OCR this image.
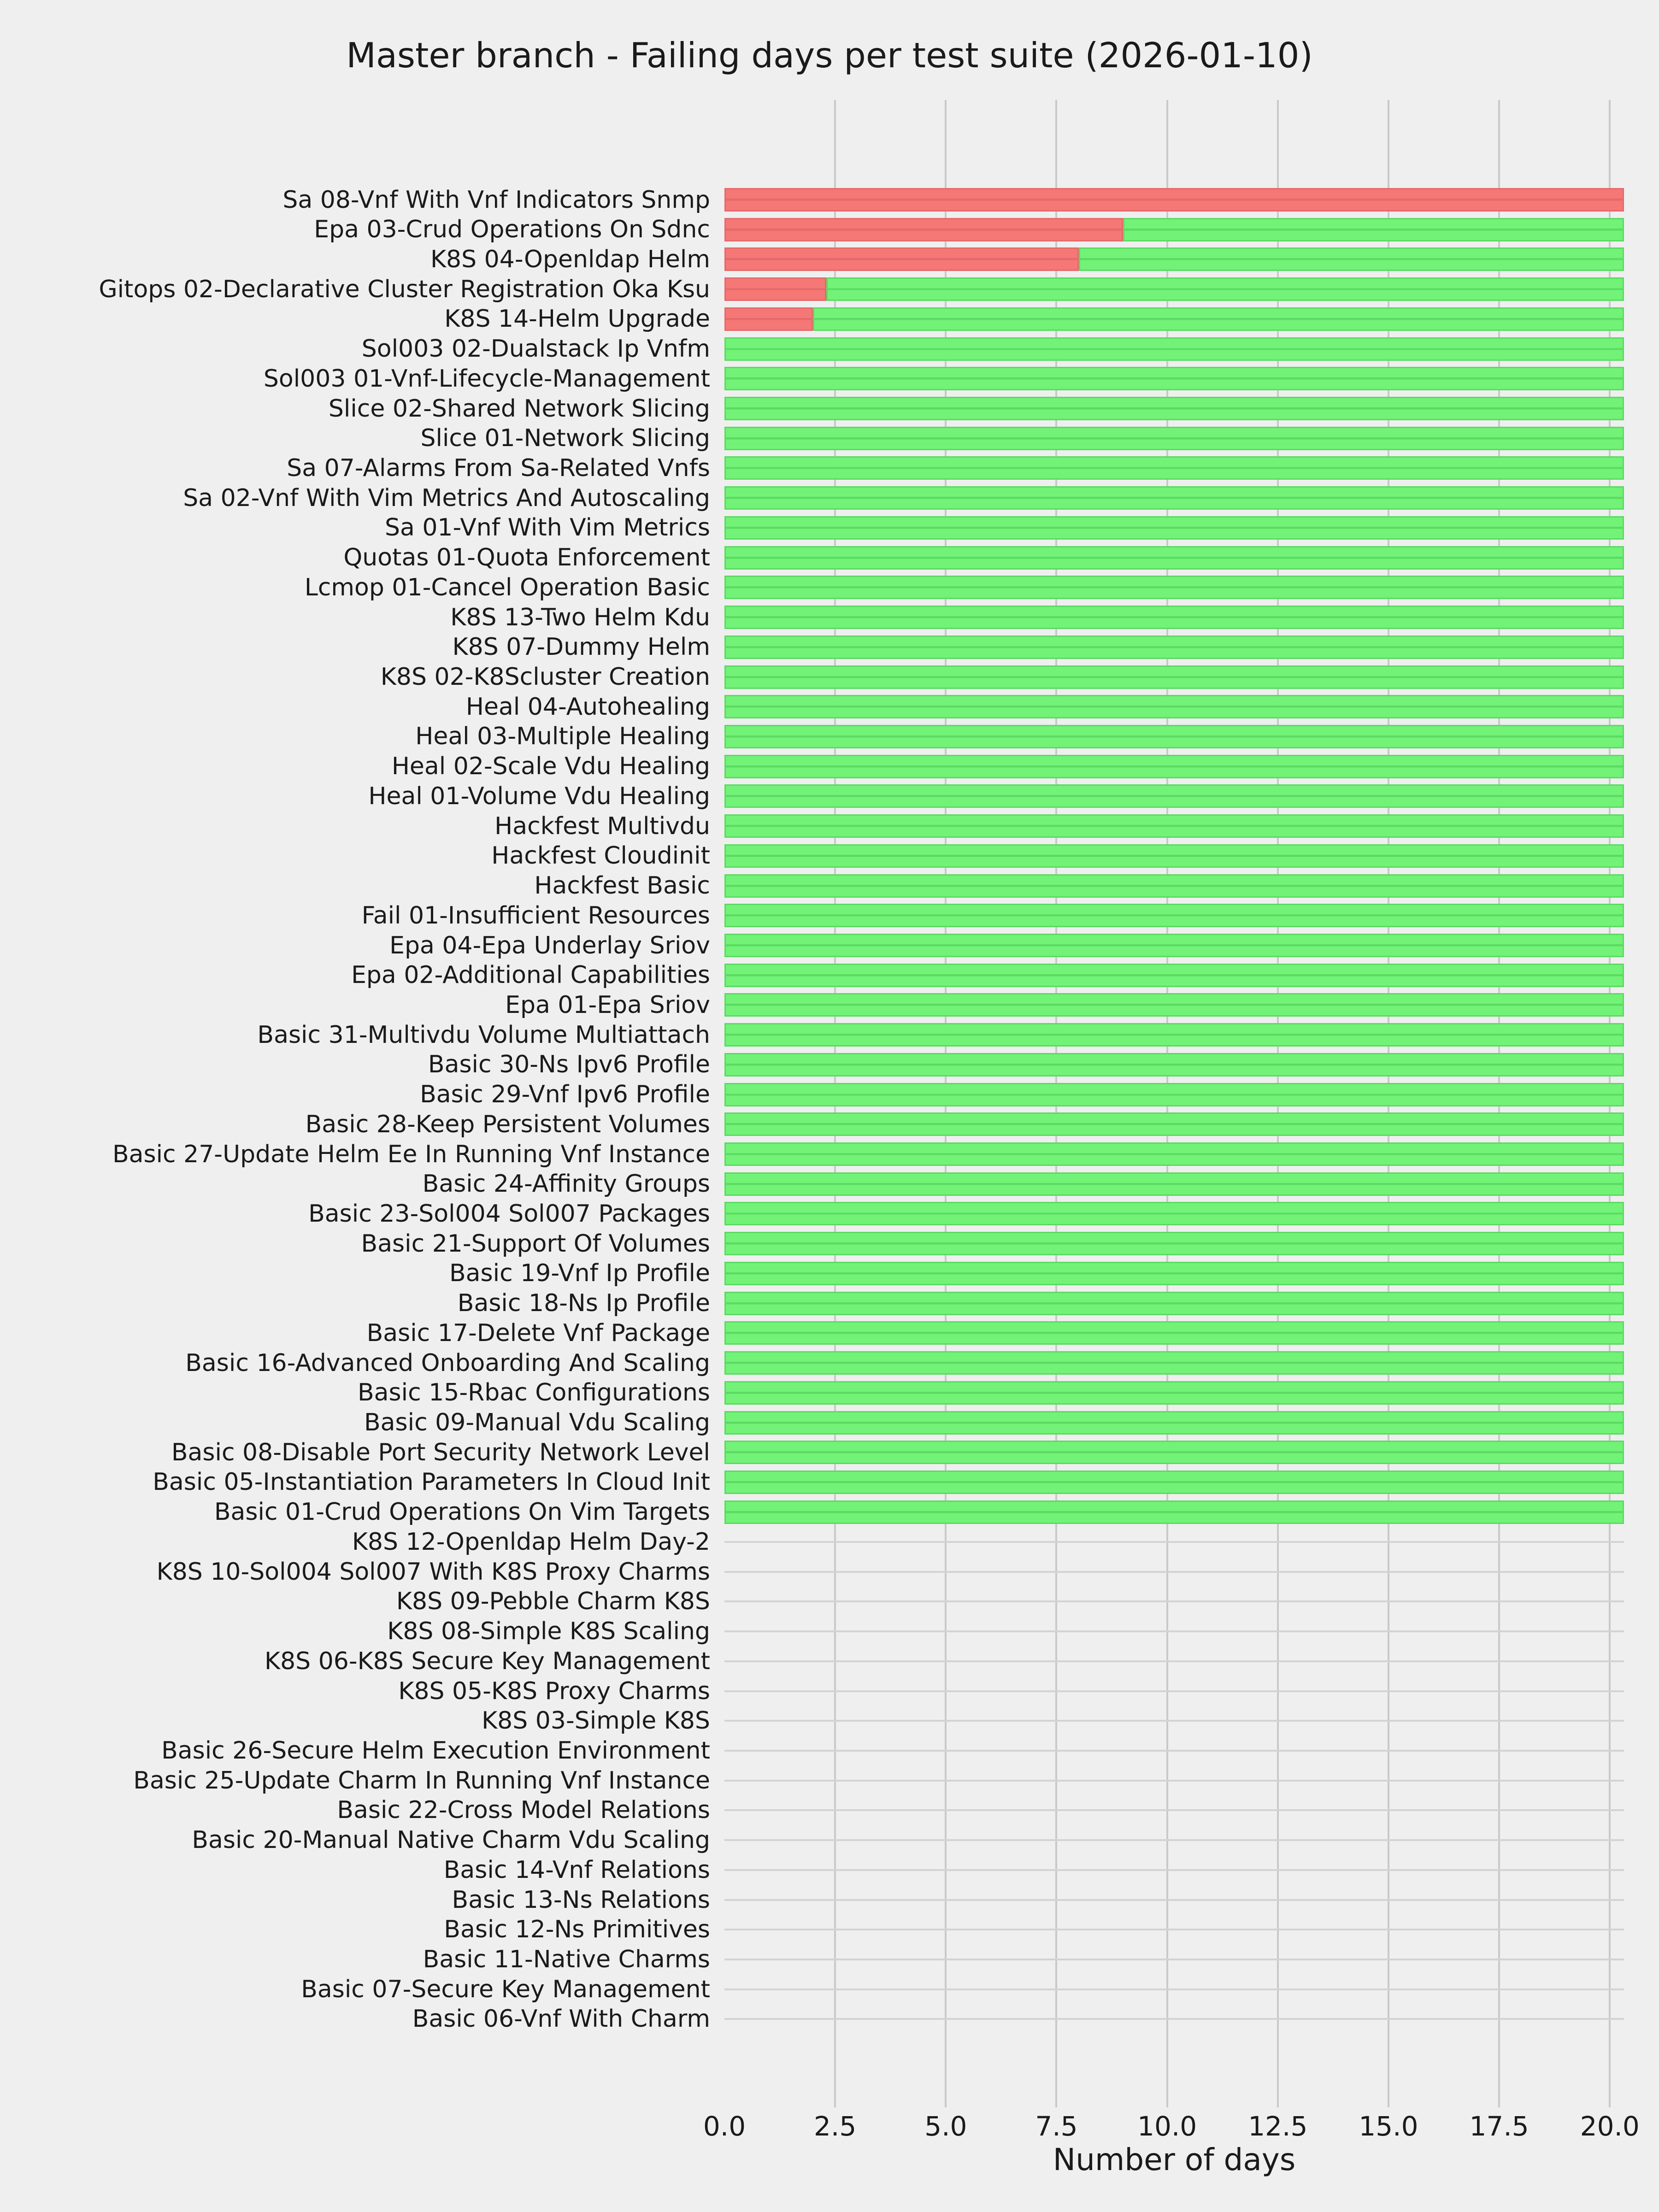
Master branch - Failing days per test suite (2026-01-10)
Sa 08-Vnf With Vnf Indicators Snmp
Epa 03-Crud Operations On Sdnc
K8S 04-Openldap Helm
Gitops 02-Declarative Cluster Registration Oka Ksu
K8S 14-Helm Upgrade
Sol003 02-Dualstack Ip Vnfm
Sol003 01-Vnf-Lifecycle-Management
Slice 02-Shared Network Slicing
Slice 01-Network Slicing
Sa 07-Alarms From Sa-Related Vnfs
Sa 02-Vnf With Vim Metrics And Autoscaling
Sa 01-Vnf With Vim Metrics
Quotas 01-Quota Enforcement
Lcmop 01-Cancel Operation Basic
K8S 13-Two Helm Kdu
K8S 07-Dummy Helm
K8S 02-K8Scluster Creation
Heal 04-Autohealing
Heal 03-Multiple Healing
Heal 02-Scale Vdu Healing
Heal 01-Volume Vdu Healing
Hackfest Multivdu
Hackfest Cloudinit
Hackfest Basic
Fail 01-Insufficient Resources
Epa 04-Epa Underlay Sriov
Epa 02-Additional Capabilities
Epa 01-Epa Sriov
Basic 31-Multivdu Volume Multiattach
Basic 30-Ns Ipv6 Profile
Basic 29-Vnf Ipv6 Profile
Basic 28-Keep Persistent Volumes
Basic 27-Update Helm Ee In Running Vnf Instance
Basic 24-Affinity Groups
Basic 23-Sol004 Sol007 Packages
Basic 21-Support Of Volumes
Basic 19-Vnf Ip Profile
Basic 18-Ns Ip Profile
Basic 17-Delete Vnf Package
Basic 16-Advanced Onboarding And Scaling
Basic 15-Rbac Configurations
Basic 09-Manual Vdu Scaling
Basic 08-Disable Port Security Network Level
Basic 05-Instantiation Parameters In Cloud Init
Basic 01-Crud Operations On Vim Targets
K8S 12-Openldap Helm Day-2
K8S 10-Sol004 Sol007 With K8S Proxy Charms
K8S 09-Pebble Charm K8S
K8S 08-Simple K8S Scaling
K8S 06-K8S Secure Key Management
K8S 05-K8S Proxy Charms
K8S 03-Simple K8S
Basic 26-Secure Helm Execution Environment
Basic 25-Update Charm In Running Vnf Instance
Basic 22-Cross Model Relations
Basic 20-Manual Native Charm Vdu Scaling
Basic 14-Vnf Relations
Basic 13-Ns Relations
Basic 12-Ns Primitives
Basic 11-Native Charms
Basic 07-Secure Key Management
Basic 06-Vnf With Charm
0.0	2.5	5.0	7.5 10.0 12.5 15.0 17.5 20.0
Number of days
